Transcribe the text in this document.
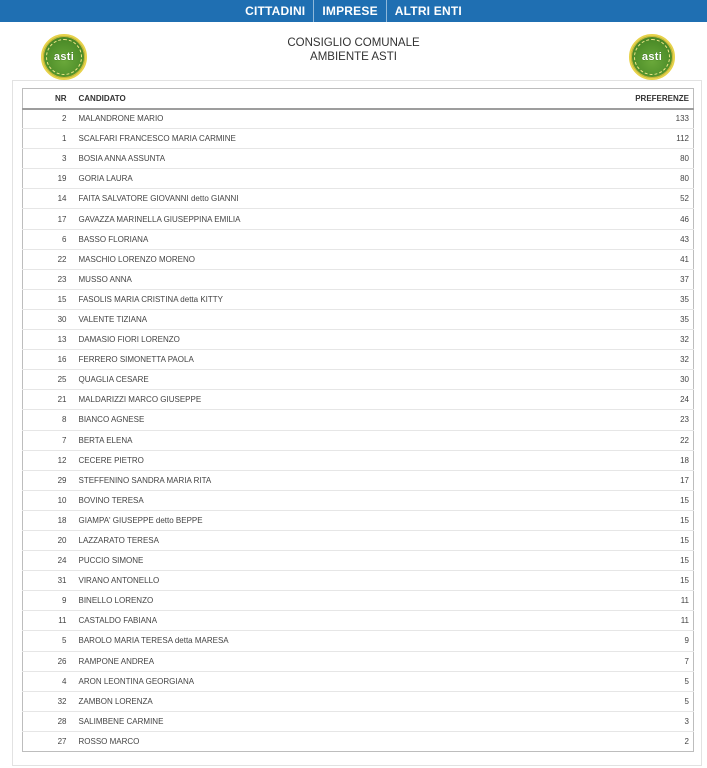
CITTADINI	IMPRESE	ALTRI ENTI
asti
CONSIGLIO COMUNALE
AMBIENTE ASTI	asti
NR	CANDIDATO	PREFERENZE
2	MALANDRONE MARIO	133
1	SCALFARI FRANCESCO MARIA CARMINE	112
3	BOSIA ANNA ASSUNTA	80
19	GORIA LAURA	80
14	FAITA SALVATORE GIOVANNI detto GIANNI	52
17	GAVAZZA MARINELLA GIUSEPPINA EMILIA	46
6	BASSO FLORIANA	43
22	MASCHIO LORENZO MORENO	41
23	MUSSO ANNA	37
15	FASOLIS MARIA CRISTINA detta KITTY	35
30	VALENTE TIZIANA	35
13	DAMASIO FIORI LORENZO	32
16	FERRERO SIMONETTA PAOLA	32
25	QUAGLIA CESARE	30
21	MALDARIZZI MARCO GIUSEPPE	24
8	BIANCO AGNESE	23
7	BERTA ELENA	22
12	CECERE PIETRO	18
29	STEFFENINO SANDRA MARIA RITA	17
10	BOVINO TERESA	15
18	GIAMPA' GIUSEPPE detto BEPPE	15
20	LAZZARATO TERESA	15
24	PUCCIO SIMONE	15
31	VIRANO ANTONELLO	15
9	BINELLO LORENZO	11
11	CASTALDO FABIANA	11
5	BAROLO MARIA TERESA detta MARESA	9
26	RAMPONE ANDREA	7
4	ARON LEONTINA GEORGIANA	5
32	ZAMBON LORENZA	5
28	SALIMBENE CARMINE	3
27	ROSSO MARCO	2
